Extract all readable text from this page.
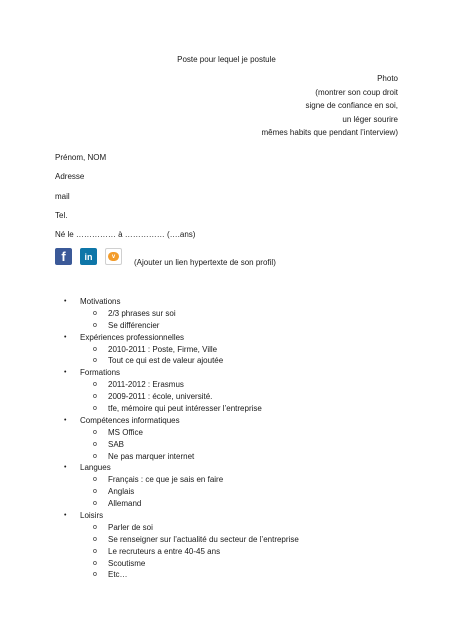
Poste pour lequel je postule
Photo
(montrer son coup droit
signe de confiance en soi,
un léger sourire
mêmes habits que pendant l’interview)
Prénom, NOM
Adresse
mail
Tel.
Né le …………… à …………… (….ans)
f	in	v
(Ajouter un lien hypertexte de son profil)
• Motivations
o 2/3 phrases sur soi
o Se différencier
• Expériences professionnelles
o 2010-2011 : Poste, Firme, Ville
o Tout ce qui est de valeur ajoutée
• Formations
o 2011-2012 : Erasmus
o 2009-2011 : école, université.
o tfe, mémoire qui peut intéresser l’entreprise
• Compétences informatiques
o MS Office
o SAB
o Ne pas marquer internet
• Langues
o Français : ce que je sais en faire
o Anglais
o Allemand
• Loisirs
o Parler de soi
o Se renseigner sur l’actualité du secteur de l’entreprise
o Le recruteurs a entre 40-45 ans
o Scoutisme
o Etc…
